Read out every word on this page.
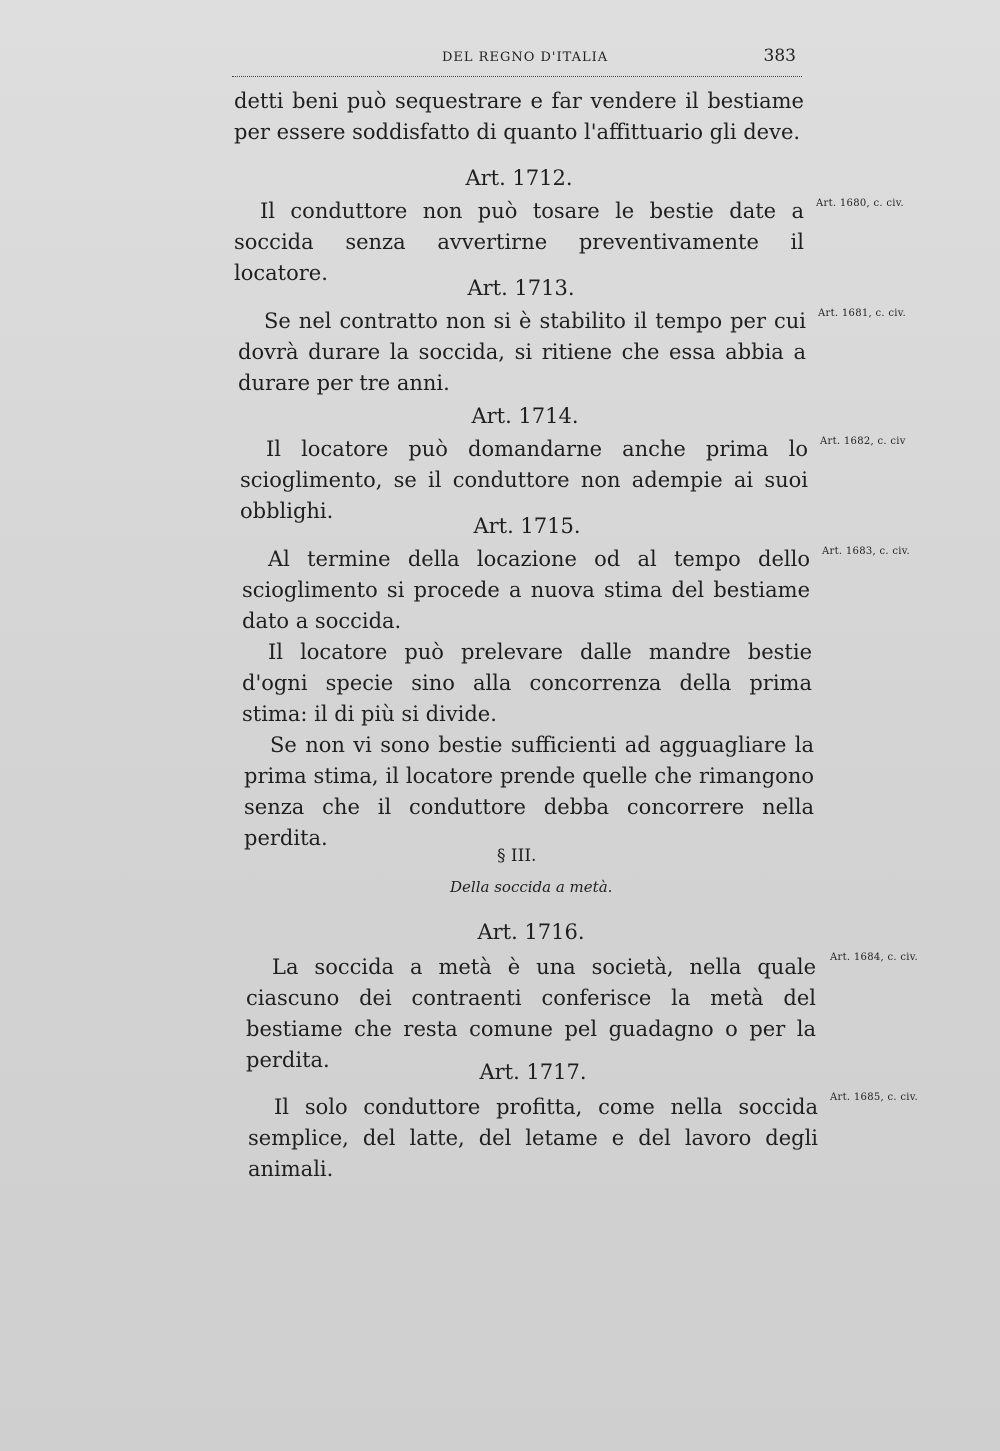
DEL REGNO D'ITALIA	383

detti beni può sequestrare e far vendere il bestiame per essere soddisfatto di quanto l'affittuario gli deve.

Art. 1712.

Il conduttore non può tosare le bestie date a soccida senza avvertirne preventivamente il locatore.

Art. 1680, c. civ.

Art. 1713.

Se nel contratto non si è stabilito il tempo per cui dovrà durare la soccida, si ritiene che essa abbia a durare per tre anni.

Art. 1681, c. civ.

Art. 1714.

Il locatore può domandarne anche prima lo scioglimento, se il conduttore non adempie ai suoi obblighi.

Art. 1682, c. civ

Art. 1715.

Al termine della locazione od al tempo dello scioglimento si procede a nuova stima del bestiame dato a soccida.

Art. 1683, c. civ.

Il locatore può prelevare dalle mandre bestie d'ogni specie sino alla concorrenza della prima stima: il di più si divide.

Se non vi sono bestie sufficienti ad agguagliare la prima stima, il locatore prende quelle che rimangono senza che il conduttore debba concorrere nella perdita.

§ III.
Della soccida a metà.

Art. 1716.

La soccida a metà è una società, nella quale ciascuno dei contraenti conferisce la metà del bestiame che resta comune pel guadagno o per la perdita.

Art. 1684, c. civ.

Art. 1717.

Il solo conduttore profitta, come nella soccida semplice, del latte, del letame e del lavoro degli animali.

Art. 1685, c. civ.
